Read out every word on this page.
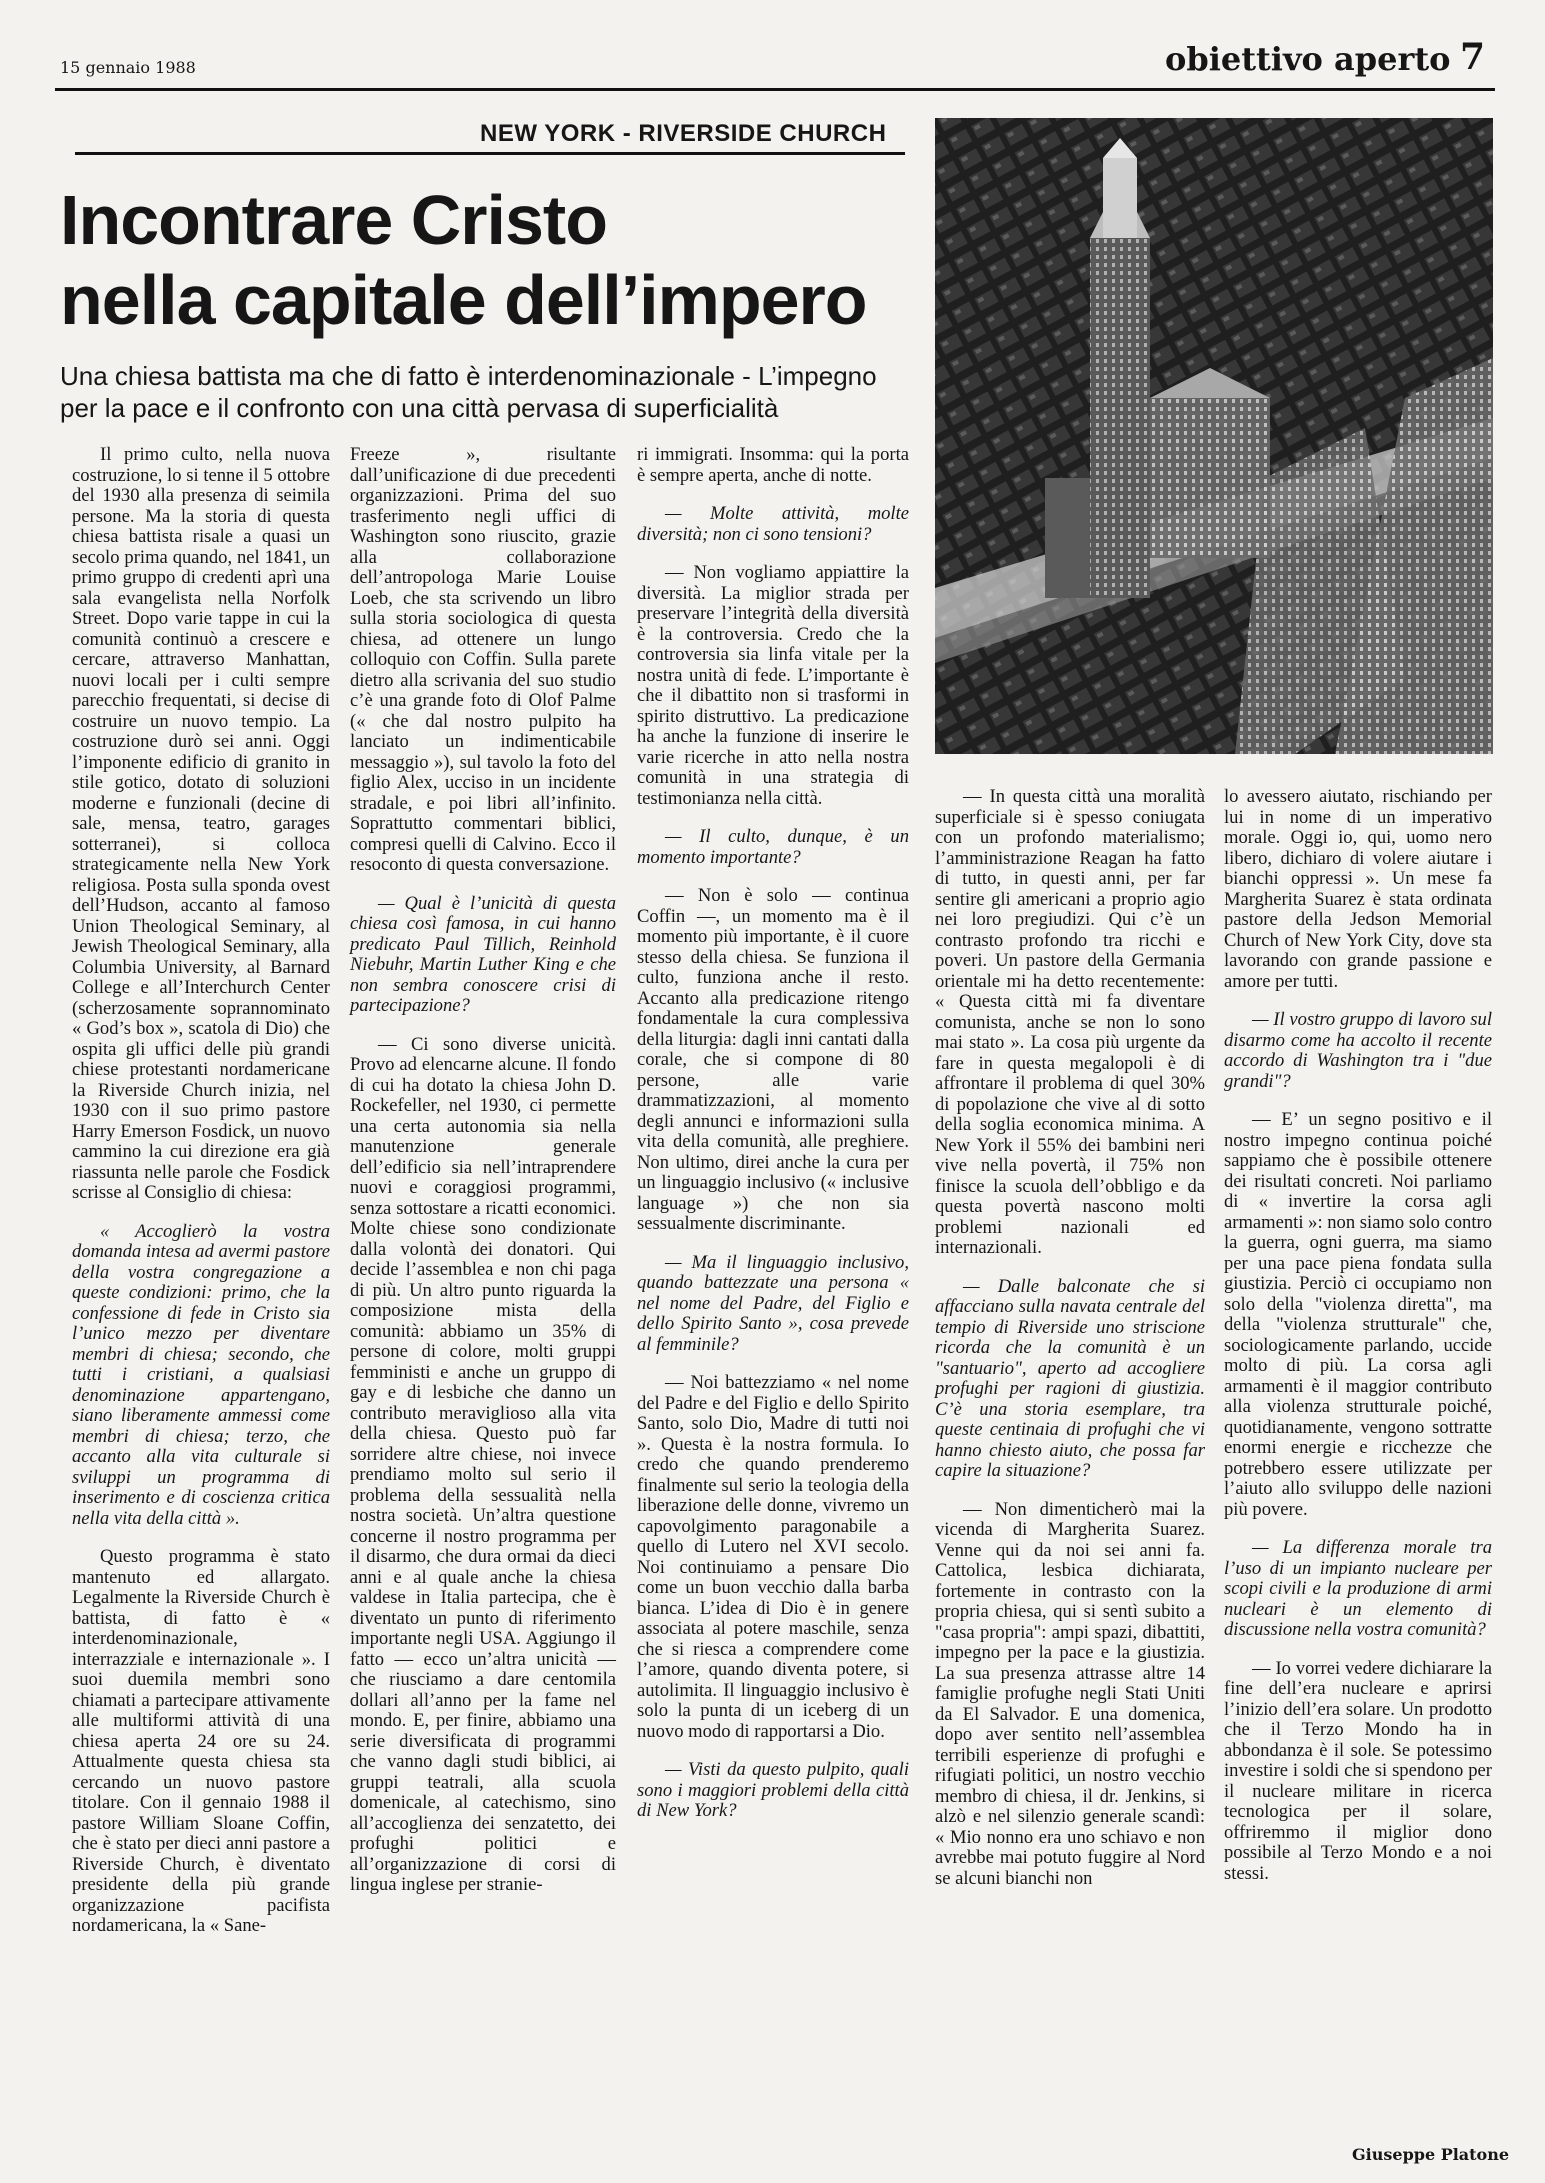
15 gennaio 1988	obiettivo aperto 7
NEW YORK - RIVERSIDE CHURCH
Incontrare Cristo
nella capitale dell’impero

Una chiesa battista ma che di fatto è interdenominazionale - L’impegno per la pace e il confronto con una città pervasa di superficialità

Il primo culto, nella nuova costruzione, lo si tenne il 5 ottobre del 1930 alla presenza di seimila persone. Ma la storia di questa chiesa battista risale a quasi un secolo prima quando, nel 1841, un primo gruppo di credenti aprì una sala evangelista nella Norfolk Street. Dopo varie tappe in cui la comunità continuò a crescere e cercare, attraverso Manhattan, nuovi locali per i culti sempre parecchio frequentati, si decise di costruire un nuovo tempio. La costruzione durò sei anni. Oggi l’imponente edificio di granito in stile gotico, dotato di soluzioni moderne e funzionali (decine di sale, mensa, teatro, garages sotterranei), si colloca strategicamente nella New York religiosa. Posta sulla sponda ovest dell’Hudson, accanto al famoso Union Theological Seminary, al Jewish Theological Seminary, alla Columbia University, al Barnard College e all’Interchurch Center (scherzosamente soprannominato « God’s box », scatola di Dio) che ospita gli uffici delle più grandi chiese protestanti nordamericane la Riverside Church inizia, nel 1930 con il suo primo pastore Harry Emerson Fosdick, un nuovo cammino la cui direzione era già riassunta nelle parole che Fosdick scrisse al Consiglio di chiesa:

« Accoglierò la vostra domanda intesa ad avermi pastore della vostra congregazione a queste condizioni: primo, che la confessione di fede in Cristo sia l’unico mezzo per diventare membri di chiesa; secondo, che tutti i cristiani, a qualsiasi denominazione appartengano, siano liberamente ammessi come membri di chiesa; terzo, che accanto alla vita culturale si sviluppi un programma di inserimento e di coscienza critica nella vita della città ».

Questo programma è stato mantenuto ed allargato. Legalmente la Riverside Church è battista, di fatto è « interdenominazionale, interrazziale e internazionale ». I suoi duemila membri sono chiamati a partecipare attivamente alle multiformi attività di una chiesa aperta 24 ore su 24. Attualmente questa chiesa sta cercando un nuovo pastore titolare. Con il gennaio 1988 il pastore William Sloane Coffin, che è stato per dieci anni pastore a Riverside Church, è diventato presidente della più grande organizzazione pacifista nordamericana, la « Sane-

Freeze », risultante dall’unificazione di due precedenti organizzazioni. Prima del suo trasferimento negli uffici di Washington sono riuscito, grazie alla collaborazione dell’antropologa Marie Louise Loeb, che sta scrivendo un libro sulla storia sociologica di questa chiesa, ad ottenere un lungo colloquio con Coffin. Sulla parete dietro alla scrivania del suo studio c’è una grande foto di Olof Palme (« che dal nostro pulpito ha lanciato un indimenticabile messaggio »), sul tavolo la foto del figlio Alex, ucciso in un incidente stradale, e poi libri all’infinito. Soprattutto commentari biblici, compresi quelli di Calvino. Ecco il resoconto di questa conversazione.

— Qual è l’unicità di questa chiesa così famosa, in cui hanno predicato Paul Tillich, Reinhold Niebuhr, Martin Luther King e che non sembra conoscere crisi di partecipazione?

— Ci sono diverse unicità. Provo ad elencarne alcune. Il fondo di cui ha dotato la chiesa John D. Rockefeller, nel 1930, ci permette una certa autonomia sia nella manutenzione generale dell’edificio sia nell’intraprendere nuovi e coraggiosi programmi, senza sottostare a ricatti economici. Molte chiese sono condizionate dalla volontà dei donatori. Qui decide l’assemblea e non chi paga di più. Un altro punto riguarda la composizione mista della comunità: abbiamo un 35% di persone di colore, molti gruppi femministi e anche un gruppo di gay e di lesbiche che danno un contributo meraviglioso alla vita della chiesa. Questo può far sorridere altre chiese, noi invece prendiamo molto sul serio il problema della sessualità nella nostra società. Un’altra questione concerne il nostro programma per il disarmo, che dura ormai da dieci anni e al quale anche la chiesa valdese in Italia partecipa, che è diventato un punto di riferimento importante negli USA. Aggiungo il fatto — ecco un’altra unicità — che riusciamo a dare centomila dollari all’anno per la fame nel mondo. E, per finire, abbiamo una serie diversificata di programmi che vanno dagli studi biblici, ai gruppi teatrali, alla scuola domenicale, al catechismo, sino all’accoglienza dei senzatetto, dei profughi politici e all’organizzazione di corsi di lingua inglese per stranie-

ri immigrati. Insomma: qui la porta è sempre aperta, anche di notte.

— Molte attività, molte diversità; non ci sono tensioni?

— Non vogliamo appiattire la diversità. La miglior strada per preservare l’integrità della diversità è la controversia. Credo che la controversia sia linfa vitale per la nostra unità di fede. L’importante è che il dibattito non si trasformi in spirito distruttivo. La predicazione ha anche la funzione di inserire le varie ricerche in atto nella nostra comunità in una strategia di testimonianza nella città.

— Il culto, dunque, è un momento importante?

— Non è solo — continua Coffin —, un momento ma è il momento più importante, è il cuore stesso della chiesa. Se funziona il culto, funziona anche il resto. Accanto alla predicazione ritengo fondamentale la cura complessiva della liturgia: dagli inni cantati dalla corale, che si compone di 80 persone, alle varie drammatizzazioni, al momento degli annunci e informazioni sulla vita della comunità, alle preghiere. Non ultimo, direi anche la cura per un linguaggio inclusivo (« inclusive language ») che non sia sessualmente discriminante.

— Ma il linguaggio inclusivo, quando battezzate una persona « nel nome del Padre, del Figlio e dello Spirito Santo », cosa prevede al femminile?

— Noi battezziamo « nel nome del Padre e del Figlio e dello Spirito Santo, solo Dio, Madre di tutti noi ». Questa è la nostra formula. Io credo che quando prenderemo finalmente sul serio la teologia della liberazione delle donne, vivremo un capovolgimento paragonabile a quello di Lutero nel XVI secolo. Noi continuiamo a pensare Dio come un buon vecchio dalla barba bianca. L’idea di Dio è in genere associata al potere maschile, senza che si riesca a comprendere come l’amore, quando diventa potere, si autolimita. Il linguaggio inclusivo è solo la punta di un iceberg di un nuovo modo di rapportarsi a Dio.

— Visti da questo pulpito, quali sono i maggiori problemi della città di New York?

— In questa città una moralità superficiale si è spesso coniugata con un profondo materialismo; l’amministrazione Reagan ha fatto di tutto, in questi anni, per far sentire gli americani a proprio agio nei loro pregiudizi. Qui c’è un contrasto profondo tra ricchi e poveri. Un pastore della Germania orientale mi ha detto recentemente: « Questa città mi fa diventare comunista, anche se non lo sono mai stato ». La cosa più urgente da fare in questa megalopoli è di affrontare il problema di quel 30% di popolazione che vive al di sotto della soglia economica minima. A New York il 55% dei bambini neri vive nella povertà, il 75% non finisce la scuola dell’obbligo e da questa povertà nascono molti problemi nazionali ed internazionali.

— Dalle balconate che si affacciano sulla navata centrale del tempio di Riverside uno striscione ricorda che la comunità è un "santuario", aperto ad accogliere profughi per ragioni di giustizia. C’è una storia esemplare, tra queste centinaia di profughi che vi hanno chiesto aiuto, che possa far capire la situazione?

— Non dimenticherò mai la vicenda di Margherita Suarez. Venne qui da noi sei anni fa. Cattolica, lesbica dichiarata, fortemente in contrasto con la propria chiesa, qui si sentì subito a "casa propria": ampi spazi, dibattiti, impegno per la pace e la giustizia. La sua presenza attrasse altre 14 famiglie profughe negli Stati Uniti da El Salvador. E una domenica, dopo aver sentito nell’assemblea terribili esperienze di profughi e rifugiati politici, un nostro vecchio membro di chiesa, il dr. Jenkins, si alzò e nel silenzio generale scandì: « Mio nonno era uno schiavo e non avrebbe mai potuto fuggire al Nord se alcuni bianchi non

lo avessero aiutato, rischiando per lui in nome di un imperativo morale. Oggi io, qui, uomo nero libero, dichiaro di volere aiutare i bianchi oppressi ». Un mese fa Margherita Suarez è stata ordinata pastore della Jedson Memorial Church of New York City, dove sta lavorando con grande passione e amore per tutti.

— Il vostro gruppo di lavoro sul disarmo come ha accolto il recente accordo di Washington tra i "due grandi"?

— E’ un segno positivo e il nostro impegno continua poiché sappiamo che è possibile ottenere dei risultati concreti. Noi parliamo di « invertire la corsa agli armamenti »: non siamo solo contro la guerra, ogni guerra, ma siamo per una pace piena fondata sulla giustizia. Perciò ci occupiamo non solo della "violenza diretta", ma della "violenza strutturale" che, sociologicamente parlando, uccide molto di più. La corsa agli armamenti è il maggior contributo alla violenza strutturale poiché, quotidianamente, vengono sottratte enormi energie e ricchezze che potrebbero essere utilizzate per l’aiuto allo sviluppo delle nazioni più povere.

— La differenza morale tra l’uso di un impianto nucleare per scopi civili e la produzione di armi nucleari è un elemento di discussione nella vostra comunità?

— Io vorrei vedere dichiarare la fine dell’era nucleare e aprirsi l’inizio dell’era solare. Un prodotto che il Terzo Mondo ha in abbondanza è il sole. Se potessimo investire i soldi che si spendono per il nucleare militare in ricerca tecnologica per il solare, offriremmo il miglior dono possibile al Terzo Mondo e a noi stessi.

Giuseppe Platone
